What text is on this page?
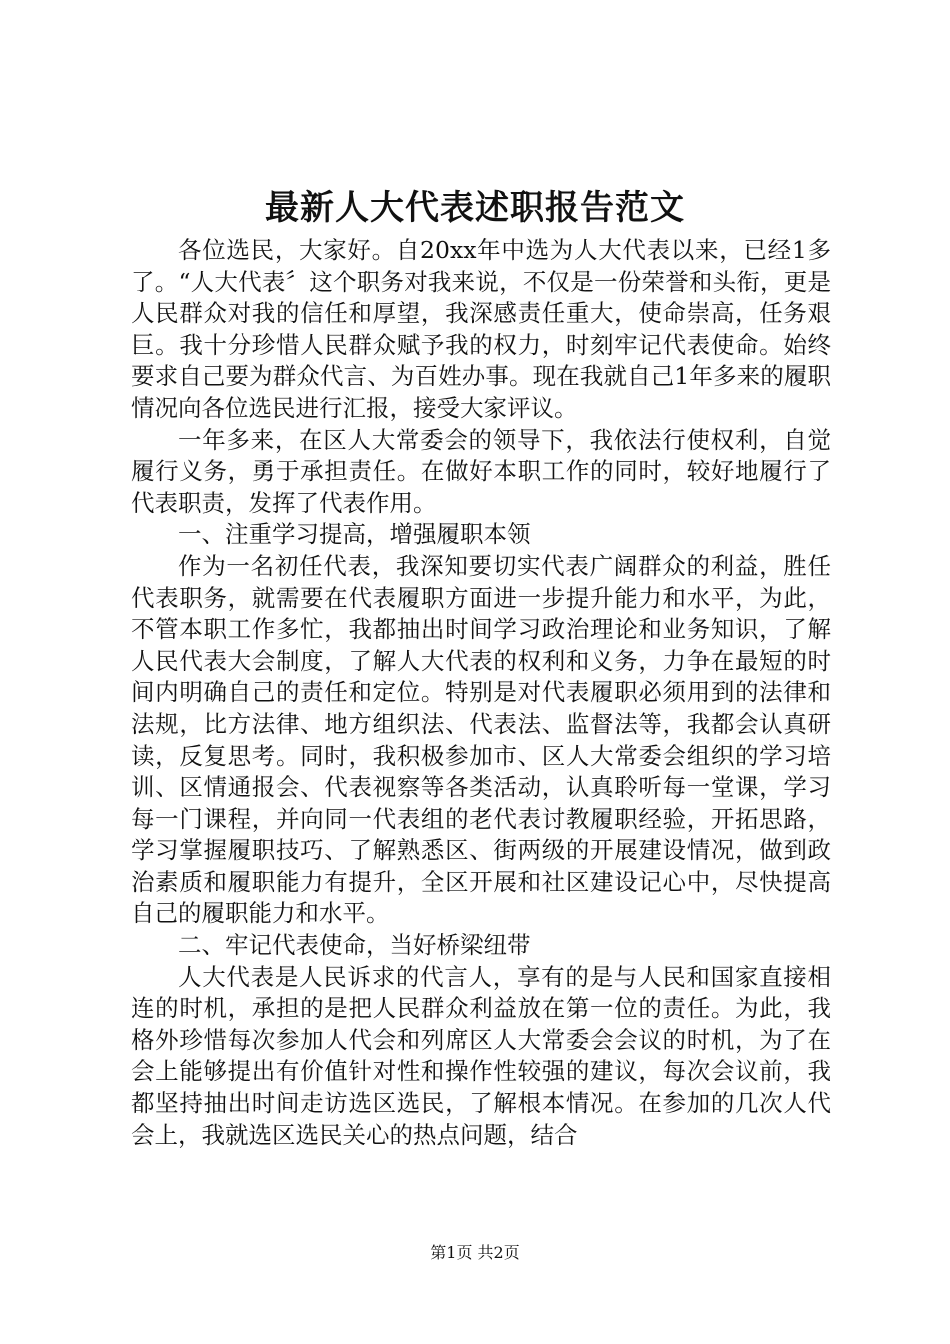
最新人大代表述职报告范文

各位选民，大家好。自20xx年中选为人大代表以来，已经1多了。“人大代表〞这个职务对我来说，不仅是一份荣誉和头衔，更是人民群众对我的信任和厚望，我深感责任重大，使命崇高，任务艰巨。我十分珍惜人民群众赋予我的权力，时刻牢记代表使命。始终要求自己要为群众代言、为百姓办事。现在我就自己1年多来的履职情况向各位选民进行汇报，接受大家评议。

一年多来，在区人大常委会的领导下，我依法行使权利，自觉履行义务，勇于承担责任。在做好本职工作的同时，较好地履行了代表职责，发挥了代表作用。

一、注重学习提高，增强履职本领

作为一名初任代表，我深知要切实代表广阔群众的利益，胜任代表职务，就需要在代表履职方面进一步提升能力和水平，为此，不管本职工作多忙，我都抽出时间学习政治理论和业务知识，了解人民代表大会制度，了解人大代表的权利和义务，力争在最短的时间内明确自己的责任和定位。特别是对代表履职必须用到的法律和法规，比方法律、地方组织法、代表法、监督法等，我都会认真研读，反复思考。同时，我积极参加市、区人大常委会组织的学习培训、区情通报会、代表视察等各类活动，认真聆听每一堂课，学习每一门课程，并向同一代表组的老代表讨教履职经验，开拓思路，学习掌握履职技巧、了解熟悉区、街两级的开展建设情况，做到政治素质和履职能力有提升，全区开展和社区建设记心中，尽快提高自己的履职能力和水平。

二、牢记代表使命，当好桥梁纽带

人大代表是人民诉求的代言人，享有的是与人民和国家直接相连的时机，承担的是把人民群众利益放在第一位的责任。为此，我格外珍惜每次参加人代会和列席区人大常委会会议的时机，为了在会上能够提出有价值针对性和操作性较强的建议，每次会议前，我都坚持抽出时间走访选区选民，了解根本情况。在参加的几次人代会上，我就选区选民关心的热点问题，结合

第1页 共2页
